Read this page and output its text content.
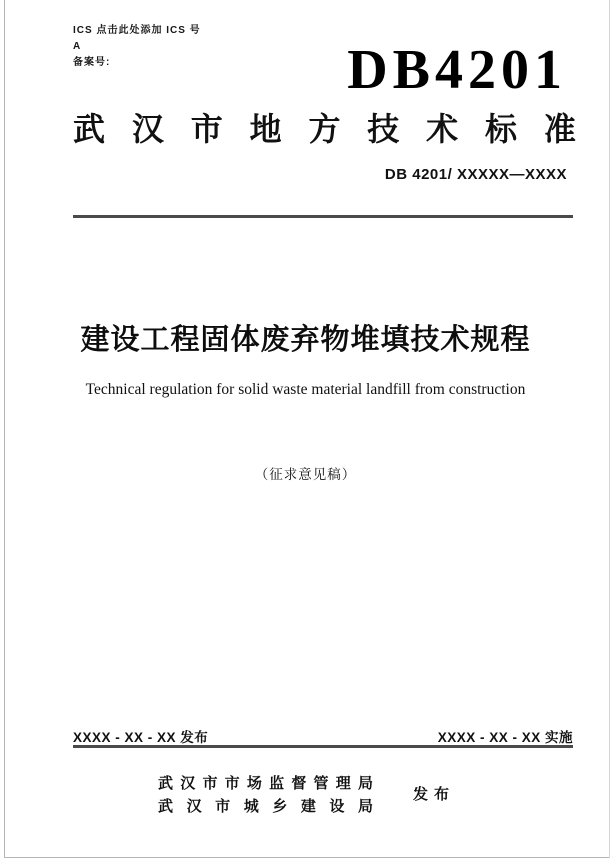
ICS 点击此处添加 ICS 号
A
备案号:	DB4201
武 汉 市 地 方 技 术 标 准
DB 4201/ XXXXX—XXXX
建设工程固体废弃物堆填技术规程
Technical regulation for solid waste material landfill from construction
（征求意见稿）
XXXX - XX - XX 发布	XXXX - XX - XX 实施
武 汉 市 市 场 监 督 管 理 局
武 汉 市 城 乡 建 设 局
发布
